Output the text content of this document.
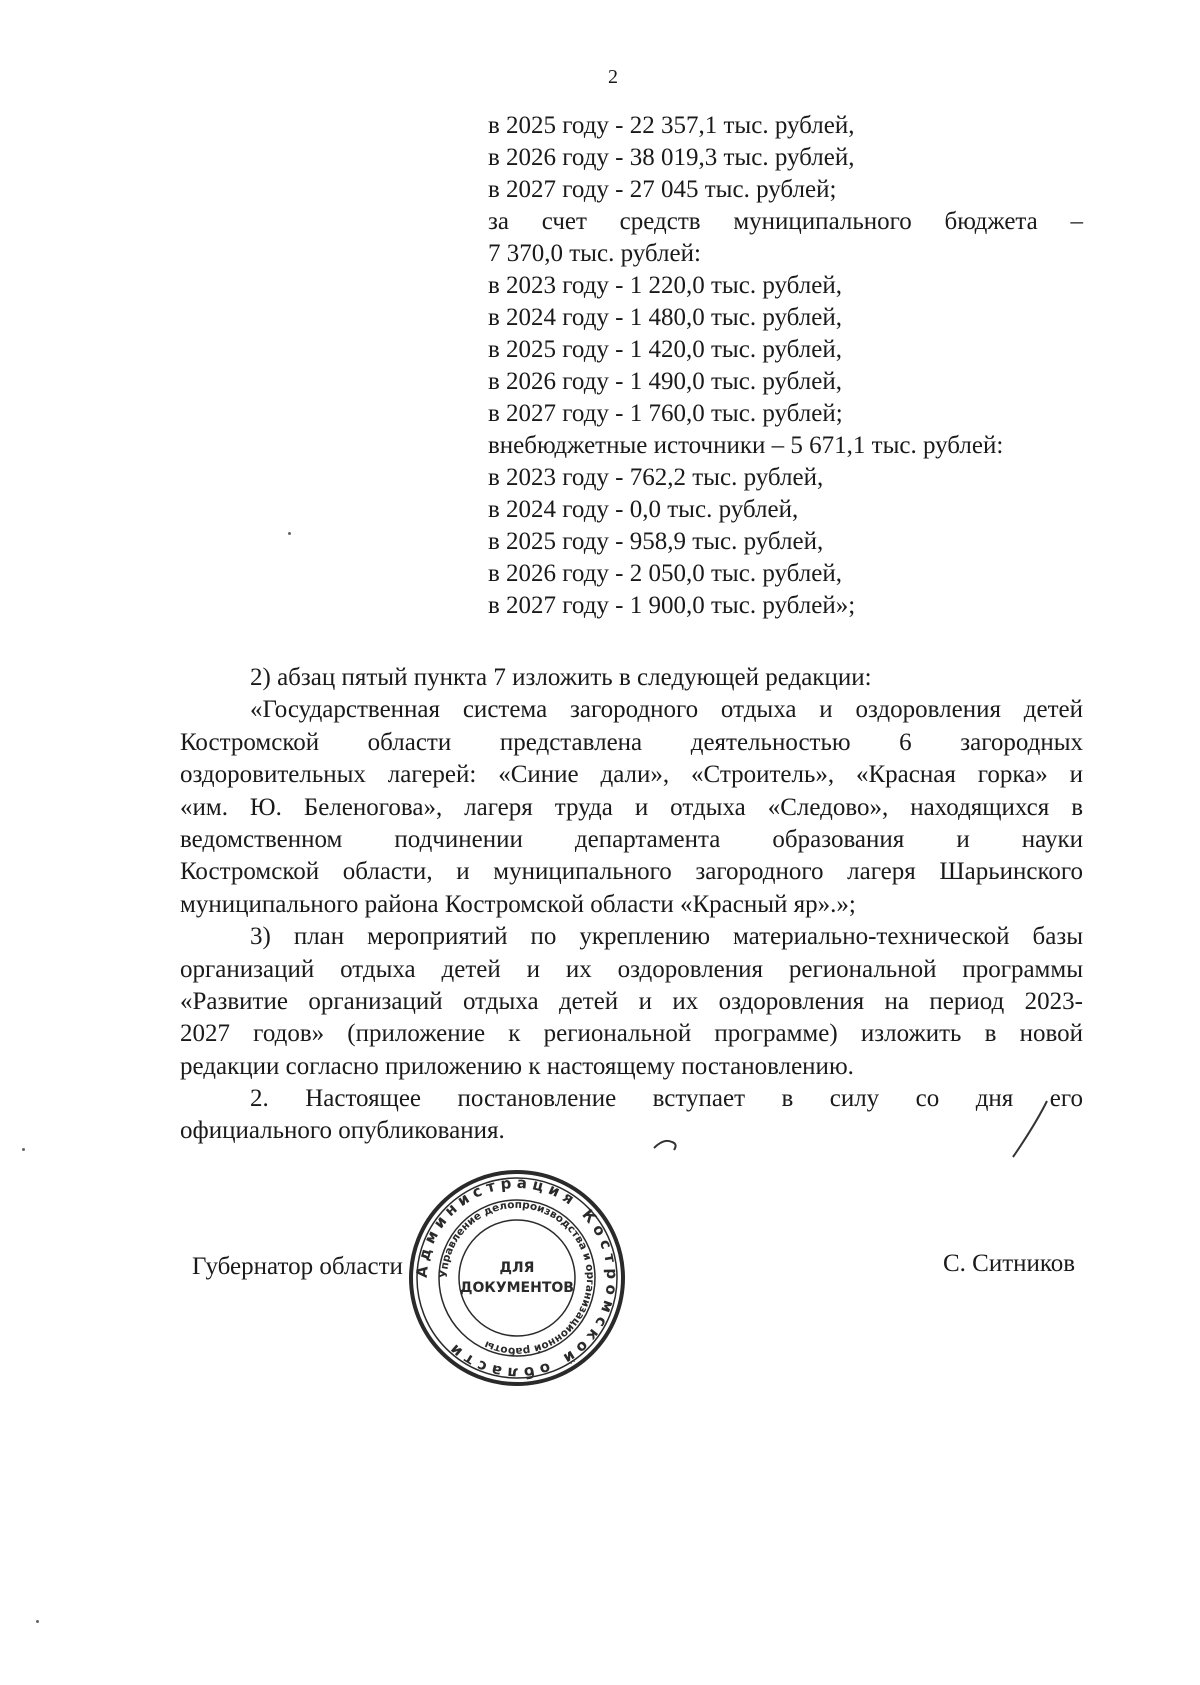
2
в 2025 году - 22 357,1 тыс. рублей,
в 2026 году - 38 019,3 тыс. рублей,
в 2027 году - 27 045 тыс. рублей;
за счет средств муниципального бюджета –
7 370,0 тыс. рублей:
в 2023 году - 1 220,0 тыс. рублей,
в 2024 году - 1 480,0 тыс. рублей,
в 2025 году - 1 420,0 тыс. рублей,
в 2026 году - 1 490,0 тыс. рублей,
в 2027 году - 1 760,0 тыс. рублей;
внебюджетные источники – 5 671,1 тыс. рублей:
в 2023 году - 762,2 тыс. рублей,
в 2024 году - 0,0 тыс. рублей,
в 2025 году - 958,9 тыс. рублей,
в 2026 году - 2 050,0 тыс. рублей,
в 2027 году - 1 900,0 тыс. рублей»;
2) абзац пятый пункта 7 изложить в следующей редакции:
«Государственная система загородного отдыха и оздоровления детей
Костромской области представлена деятельностью 6 загородных
оздоровительных лагерей: «Синие дали», «Строитель», «Красная горка» и
«им. Ю. Беленогова», лагеря труда и отдыха «Следово», находящихся в
ведомственном подчинении департамента образования и науки
Костромской области, и муниципального загородного лагеря Шарьинского
муниципального района Костромской области «Красный яр».»;
3) план мероприятий по укреплению материально-технической базы
организаций отдыха детей и их оздоровления региональной программы
«Развитие организаций отдыха детей и их оздоровления на период 2023-
2027 годов» (приложение к региональной программе) изложить в новой
редакции согласно приложению к настоящему постановлению.
2. Настоящее постановление вступает в силу со дня его
официального опубликования.
Губернатор области	С. Ситников
Администрация Костромской области
Управление делопроизводства и организационной работы
ДЛЯ
ДОКУМЕНТОВ
